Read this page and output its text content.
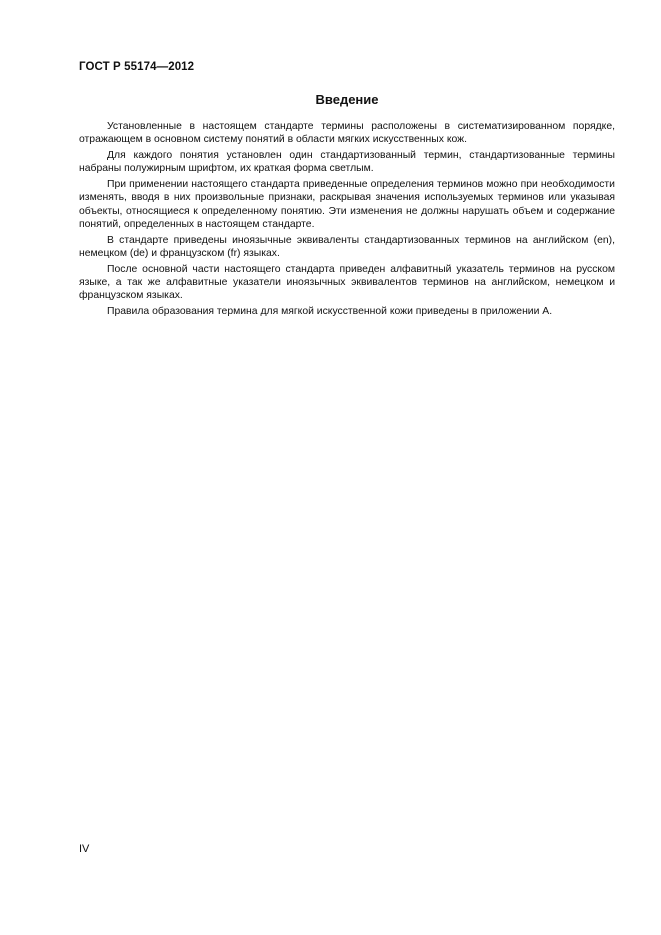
ГОСТ Р 55174—2012
Введение

Установленные в настоящем стандарте термины расположены в систематизированном порядке, отражающем в основном систему понятий в области мягких искусственных кож.

Для каждого понятия установлен один стандартизованный термин, стандартизованные термины набраны полужирным шрифтом, их краткая форма светлым.

При применении настоящего стандарта приведенные определения терминов можно при необходимости изменять, вводя в них произвольные признаки, раскрывая значения используемых терминов или указывая объекты, относящиеся к определенному понятию. Эти изменения не должны нарушать объем и содержание понятий, определенных в настоящем стандарте.

В стандарте приведены иноязычные эквиваленты стандартизованных терминов на английском (en), немецком (de) и французском (fr) языках.

После основной части настоящего стандарта приведен алфавитный указатель терминов на русском языке, а так же алфавитные указатели иноязычных эквивалентов терминов на английском, немецком и французском языках.

Правила образования термина для мягкой искусственной кожи приведены в приложении А.

IV
